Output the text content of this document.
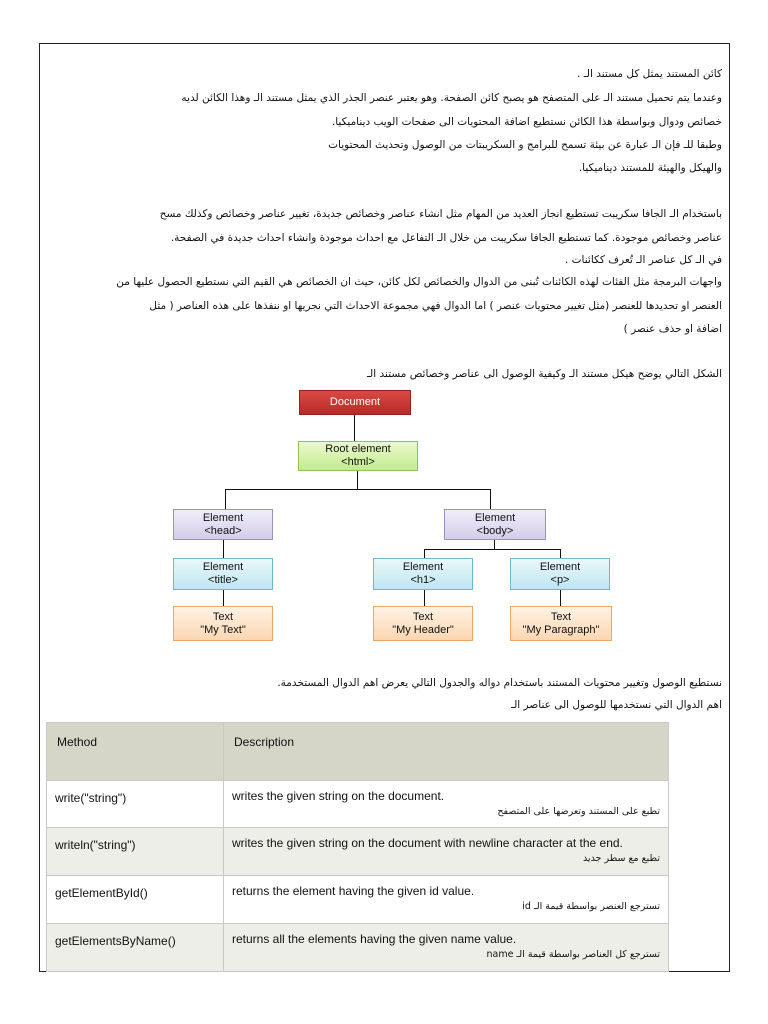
كائن المستند يمثل كل مستند الـ .
وعندما يتم تحميل مستند الـ على المتصفح هو يصبح كائن الصفحة. وهو يعتبر عنصر الجذر الذي يمثل مستند الـ وهذا الكائن لديه
خصائص ودوال وبواسطة هذا الكائن نستطيع اضافة المحتويات الى صفحات الويب ديناميكيا.
وطبقا للـ فإن الـ عبارة عن بيئة تسمح للبرامج و السكريبتات من الوصول وتحديث المحتويات
والهيكل والهيئة للمستند ديناميكيا.
باستخدام الـ الجافا سكريبت تستطيع انجاز العديد من المهام مثل انشاء عناصر وخصائص جديدة، تغيير عناصر وخصائص وكذلك مسح
عناصر وخصائص موجودة. كما تستطيع الجافا سكريبت من خلال الـ التفاعل مع احداث موجودة وانشاء احداث جديدة في الصفحة.
في الـ كل عناصر الـ تُعرف ككائنات .
واجهات البرمجة مثل الفئات لهذه الكائنات تُبنى من الدوال والخصائص لكل كائن، حيث ان الخصائص هي القيم التي نستطيع الحصول عليها من
العنصر او تحديدها للعنصر (مثل تغيير محتويات عنصر ) اما الدوال فهي مجموعة الاحداث التي نجريها او ننفذها على هذه العناصر ( مثل
اضافة او حذف عنصر )
الشكل التالي يوضح هيكل مستند الـ وكيفية الوصول الى عناصر وخصائص مستند الـ
Document
Root element
<html>
Element
<head>
Element
<body>
Element
<title>
Element
<h1>
Element
<p>
Text
"My Text"
Text
"My Header"
Text
"My Paragraph"
نستطيع الوصول وتغيير محتويات المستند باستخدام دواله والجدول التالي يعرض اهم الدوال المستخدمة.
اهم الدوال التي نستخدمها للوصول الى عناصر الـ
Method	Description
write("string")	writes the given string on the document.
تطبع على المستند وتعرضها على المتصفح

writeln("string")	writes the given string on the document with newline character at the end.
تطبع مع سطر جديد

getElementById()	returns the element having the given id value.
تسترجع العنصر بواسطة قيمة الـ id

getElementsByName()	returns all the elements having the given name value.
تسترجع كل العناصر بواسطة قيمة الـ name
